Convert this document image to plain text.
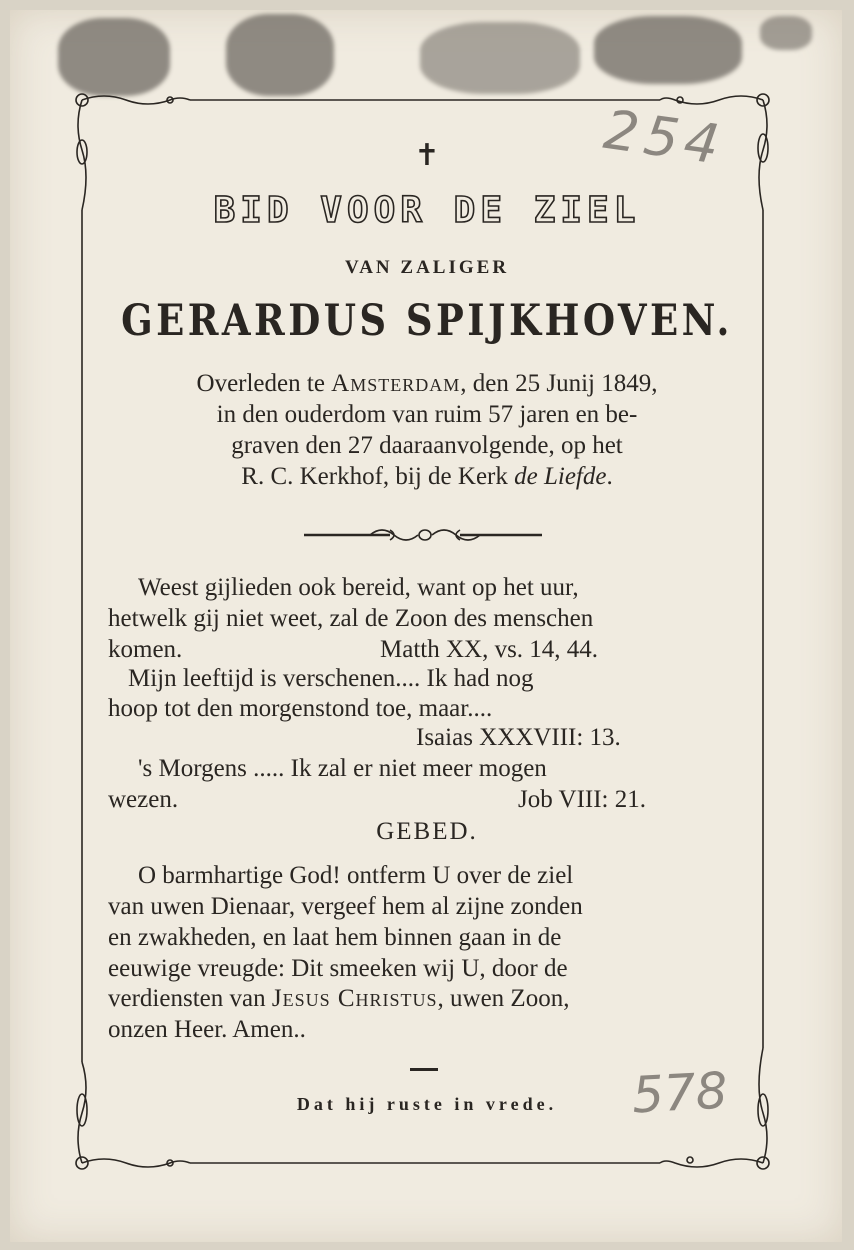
✝
BID VOOR DE ZIEL
VAN ZALIGER
GERARDUS SPIJKHOVEN.
Overleden te Amsterdam, den 25 Junij 1849,
in den ouderdom van ruim 57 jaren en be-
graven den 27 daaraanvolgende, op het
R. C. Kerkhof, bij de Kerk de Liefde.
Weest gijlieden ook bereid, want op het uur,
hetwelk gij niet weet, zal de Zoon des menschen
komen.	Matth XX, vs. 14, 44.
Mijn leeftijd is verschenen.... Ik had nog
hoop tot den morgenstond toe, maar....
Isaias XXXVIII: 13.
's Morgens ..... Ik zal er niet meer mogen
wezen.	Job VIII: 21.
GEBED.
O barmhartige God! ontferm U over de ziel
van uwen Dienaar, vergeef hem al zijne zonden
en zwakheden, en laat hem binnen gaan in de
eeuwige vreugde: Dit smeeken wij U, door de
verdiensten van Jesus Christus, uwen Zoon,
onzen Heer. Amen..
Dat hij ruste in vrede.
254
578
